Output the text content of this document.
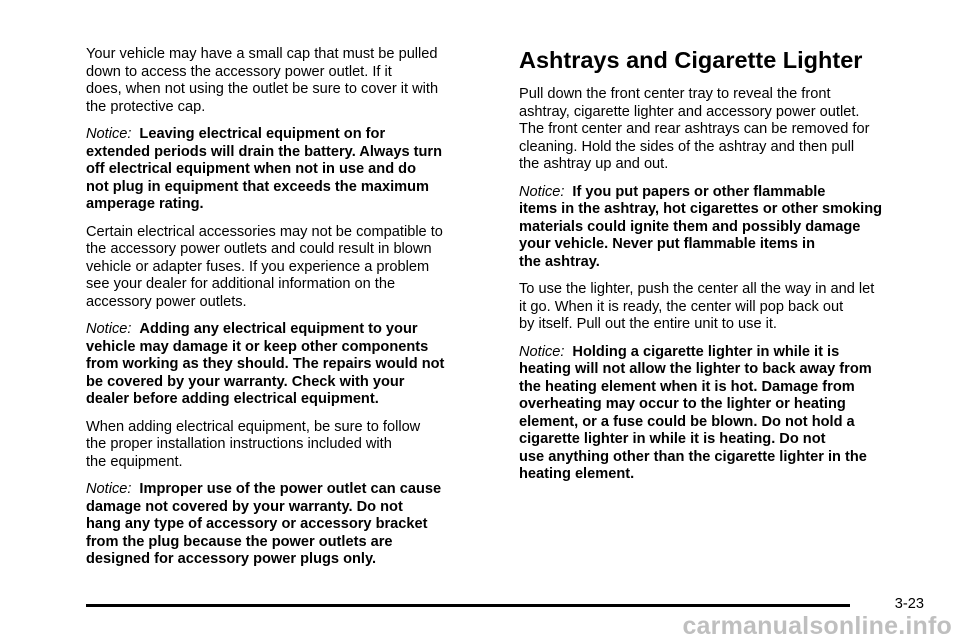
Your vehicle may have a small cap that must be pulled
down to access the accessory power outlet. If it
does, when not using the outlet be sure to cover it with
the protective cap.

Notice: Leaving electrical equipment on for
extended periods will drain the battery. Always turn
off electrical equipment when not in use and do
not plug in equipment that exceeds the maximum
amperage rating.

Certain electrical accessories may not be compatible to
the accessory power outlets and could result in blown
vehicle or adapter fuses. If you experience a problem
see your dealer for additional information on the
accessory power outlets.

Notice: Adding any electrical equipment to your
vehicle may damage it or keep other components
from working as they should. The repairs would not
be covered by your warranty. Check with your
dealer before adding electrical equipment.

When adding electrical equipment, be sure to follow
the proper installation instructions included with
the equipment.

Notice: Improper use of the power outlet can cause
damage not covered by your warranty. Do not
hang any type of accessory or accessory bracket
from the plug because the power outlets are
designed for accessory power plugs only.

Ashtrays and Cigarette Lighter

Pull down the front center tray to reveal the front
ashtray, cigarette lighter and accessory power outlet.
The front center and rear ashtrays can be removed for
cleaning. Hold the sides of the ashtray and then pull
the ashtray up and out.

Notice: If you put papers or other flammable
items in the ashtray, hot cigarettes or other smoking
materials could ignite them and possibly damage
your vehicle. Never put flammable items in
the ashtray.

To use the lighter, push the center all the way in and let
it go. When it is ready, the center will pop back out
by itself. Pull out the entire unit to use it.

Notice: Holding a cigarette lighter in while it is
heating will not allow the lighter to back away from
the heating element when it is hot. Damage from
overheating may occur to the lighter or heating
element, or a fuse could be blown. Do not hold a
cigarette lighter in while it is heating. Do not
use anything other than the cigarette lighter in the
heating element.

3-23
carmanualsonline.info
